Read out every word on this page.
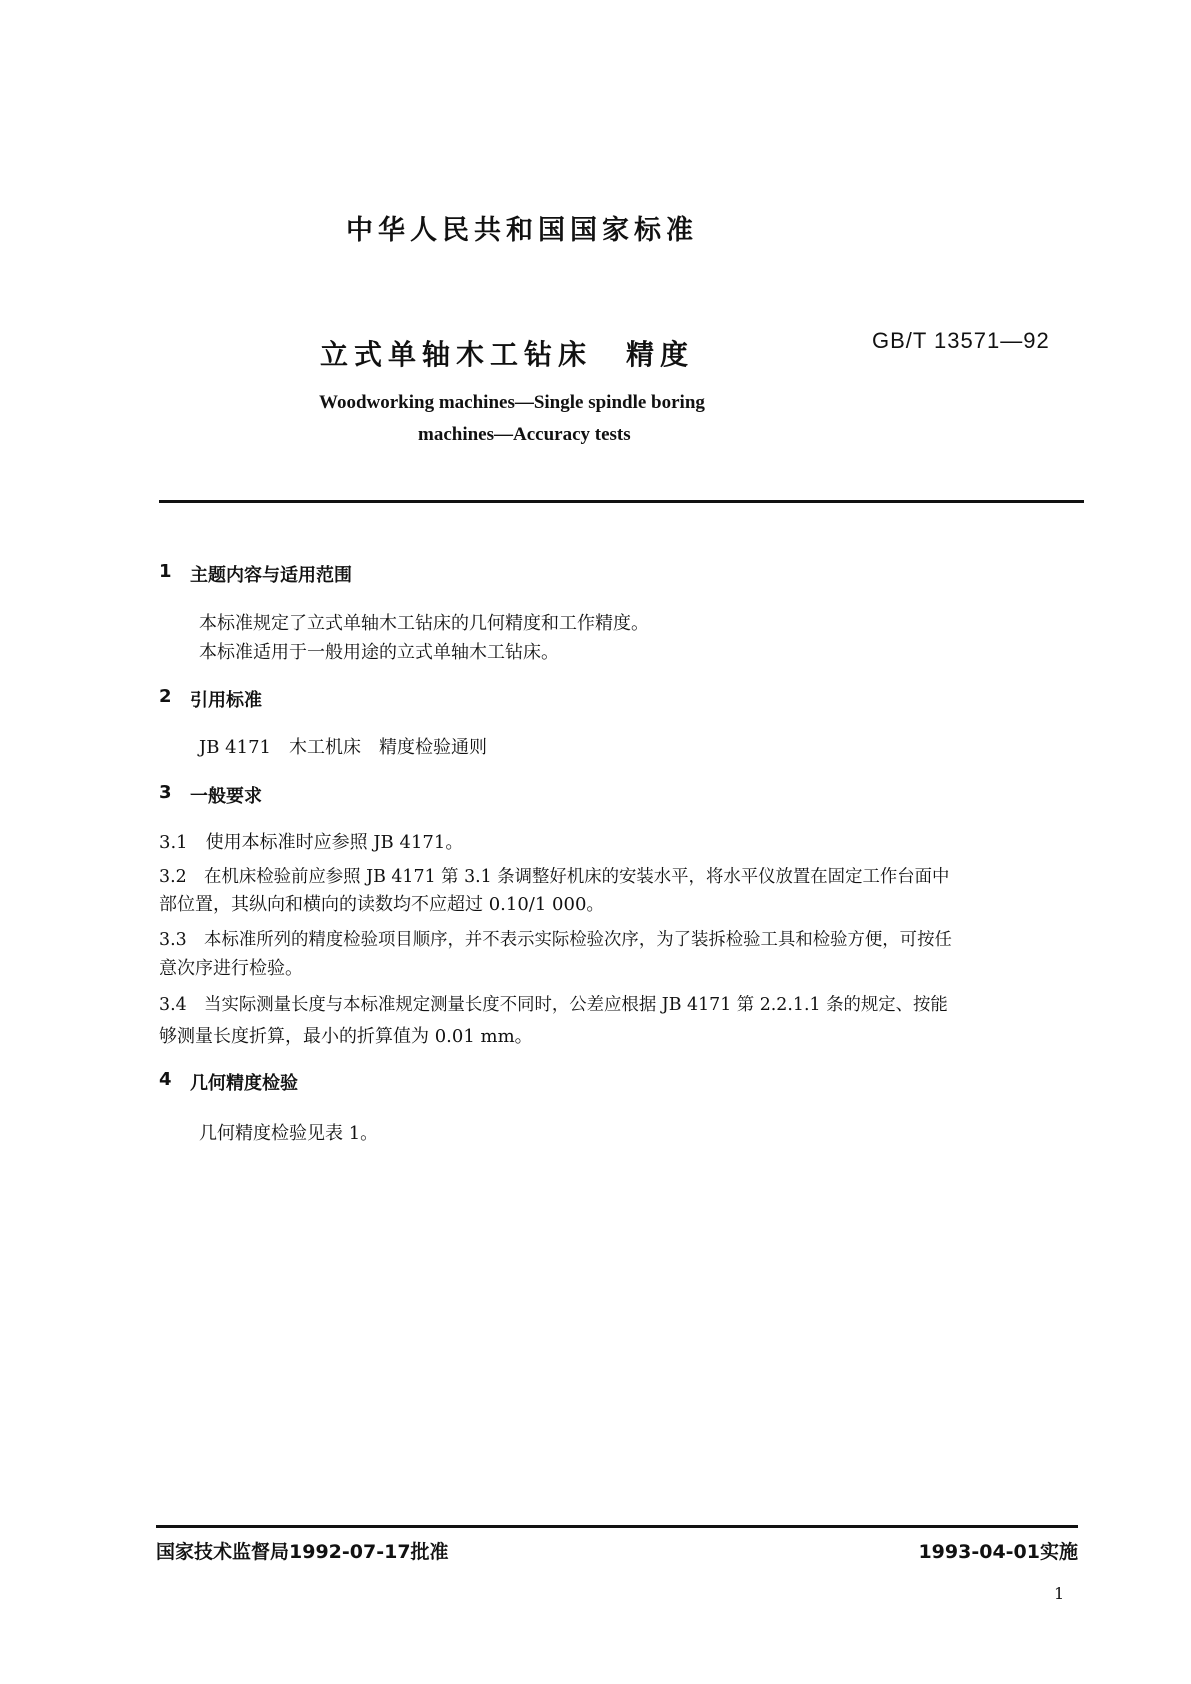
中华人民共和国国家标准
立式单轴木工钻床　精度	GB/T 13571—92
Woodworking machines—Single spindle boring
machines—Accuracy tests
1 主题内容与适用范围
本标准规定了立式单轴木工钻床的几何精度和工作精度。
本标准适用于一般用途的立式单轴木工钻床。
2 引用标准
JB 4171　木工机床　精度检验通则
3 一般要求
3.1　使用本标准时应参照 JB 4171。
3.2　在机床检验前应参照 JB 4171 第 3.1 条调整好机床的安装水平，将水平仪放置在固定工作台面中
部位置，其纵向和横向的读数均不应超过 0.10/1 000。
3.3　本标准所列的精度检验项目顺序，并不表示实际检验次序，为了装拆检验工具和检验方便，可按任
意次序进行检验。
3.4　当实际测量长度与本标准规定测量长度不同时，公差应根据 JB 4171 第 2.2.1.1 条的规定、按能
够测量长度折算，最小的折算值为 0.01 mm。
4 几何精度检验
几何精度检验见表 1。
国家技术监督局1992-07-17批准	1993-04-01实施
1
